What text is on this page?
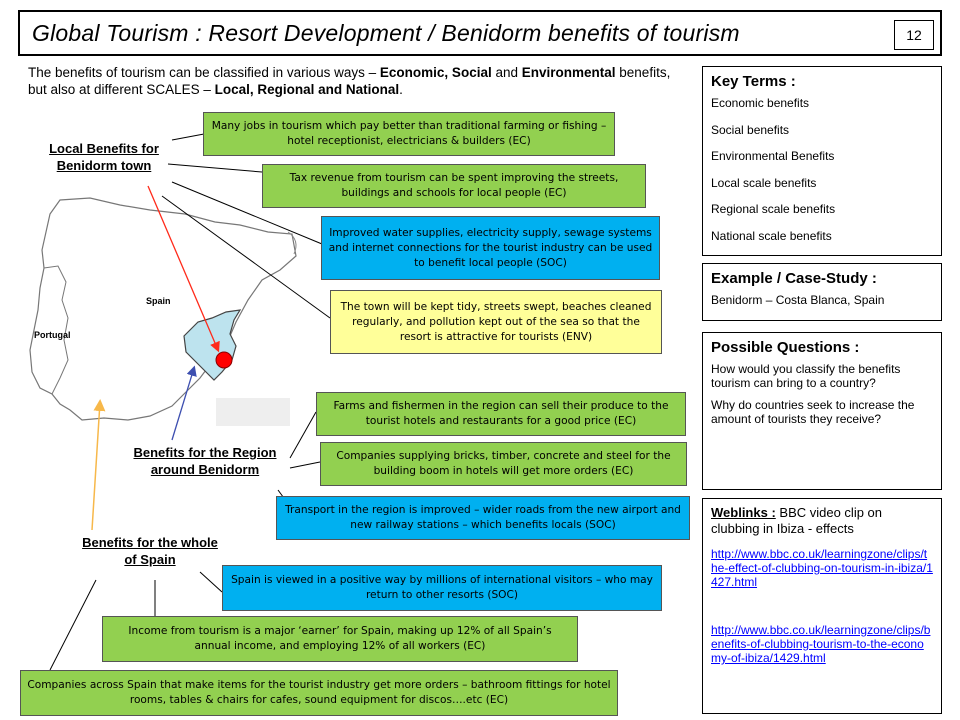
Global Tourism : Resort Development / Benidorm benefits of tourism	12
The benefits of tourism can be classified in various ways – Economic, Social and Environmental benefits, but also at different SCALES – Local, Regional and National.
Spain
Portugal
Local Benefits for Benidorm town
Benefits for the Region around Benidorm
Benefits for the whole of Spain
Many jobs in tourism which pay better than traditional farming or fishing – hotel receptionist, electricians & builders (EC)
Tax revenue from tourism can be spent improving the streets, buildings and schools for local people (EC)
Improved water supplies, electricity supply, sewage systems and internet connections for the tourist industry can be used to benefit local people (SOC)
The town will be kept tidy, streets swept, beaches cleaned regularly, and pollution kept out of the sea so that the resort is attractive for tourists (ENV)
Farms and fishermen in the region can sell their produce to the tourist hotels and restaurants for a good price (EC)
Companies supplying bricks, timber, concrete and steel for the building boom in hotels will get more orders (EC)
Transport in the region is improved – wider roads from the new airport and new railway stations – which benefits locals (SOC)
Spain is viewed in a positive way by millions of international visitors – who may return to other resorts (SOC)
Income from tourism is a major ‘earner’ for Spain, making up 12% of all Spain’s annual income, and employing 12% of all workers (EC)
Companies across Spain that make items for the tourist industry get more orders – bathroom fittings for hotel rooms, tables & chairs for cafes, sound equipment for discos….etc (EC)
Key Terms :
Economic benefits
Social benefits
Environmental Benefits
Local scale benefits
Regional scale benefits
National scale benefits
Example / Case-Study :
Benidorm – Costa Blanca, Spain
Possible Questions :
How would you classify the benefits tourism can bring to a country?
Why do countries seek to increase the amount of tourists they receive?
Weblinks : BBC video clip on clubbing in Ibiza - effects
http://www.bbc.co.uk/learningzone/clips/the-effect-of-clubbing-on-tourism-in-ibiza/1427.html
http://www.bbc.co.uk/learningzone/clips/benefits-of-clubbing-tourism-to-the-economy-of-ibiza/1429.html
